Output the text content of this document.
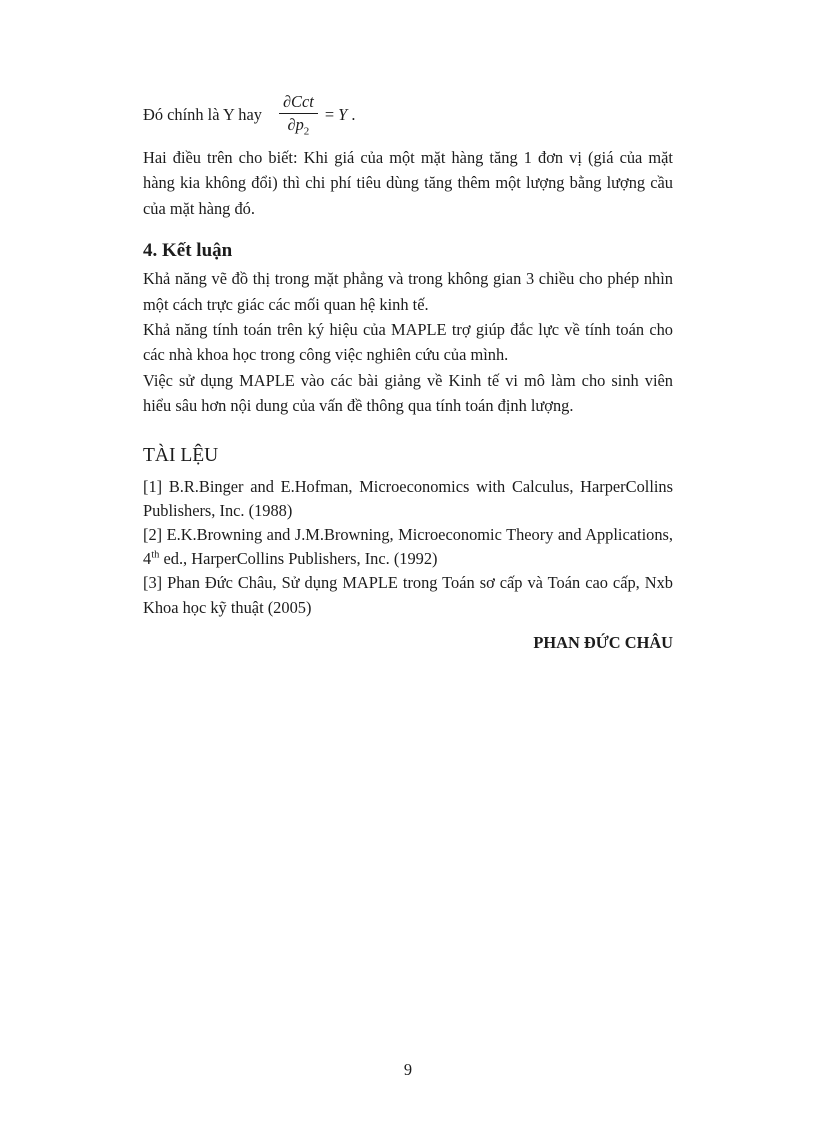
Đó chính là Y hay $\frac{\text{∂Cct}}{\partial p_2} = Y$ .

Hai điều trên cho biết: Khi giá của một mặt hàng tăng 1 đơn vị (giá của mặt hàng kia không đổi) thì chi phí tiêu dùng tăng thêm một lượng bằng lượng cầu của mặt hàng đó.

4. Kết luận

Khả năng vẽ đồ thị trong mặt phẳng và trong không gian 3 chiều cho phép nhìn một cách trực giác các mối quan hệ kinh tế.

Khả năng tính toán trên ký hiệu của MAPLE trợ giúp đắc lực về tính toán cho các nhà khoa học trong công việc nghiên cứu của mình.

Việc sử dụng MAPLE vào các bài giảng về Kinh tế vi mô làm cho sinh viên hiểu sâu hơn nội dung của vấn đề thông qua tính toán định lượng.

TÀI LỆU

[1] B.R.Binger and E.Hofman, Microeconomics with Calculus, HarperCollins Publishers, Inc. (1988)

[2] E.K.Browning and J.M.Browning, Microeconomic Theory and Applications, 4th ed., HarperCollins Publishers, Inc. (1992)

[3] Phan Đức Châu, Sử dụng MAPLE trong Toán sơ cấp và Toán cao cấp, Nxb Khoa học kỹ thuật (2005)

PHAN ĐỨC CHÂU

9
